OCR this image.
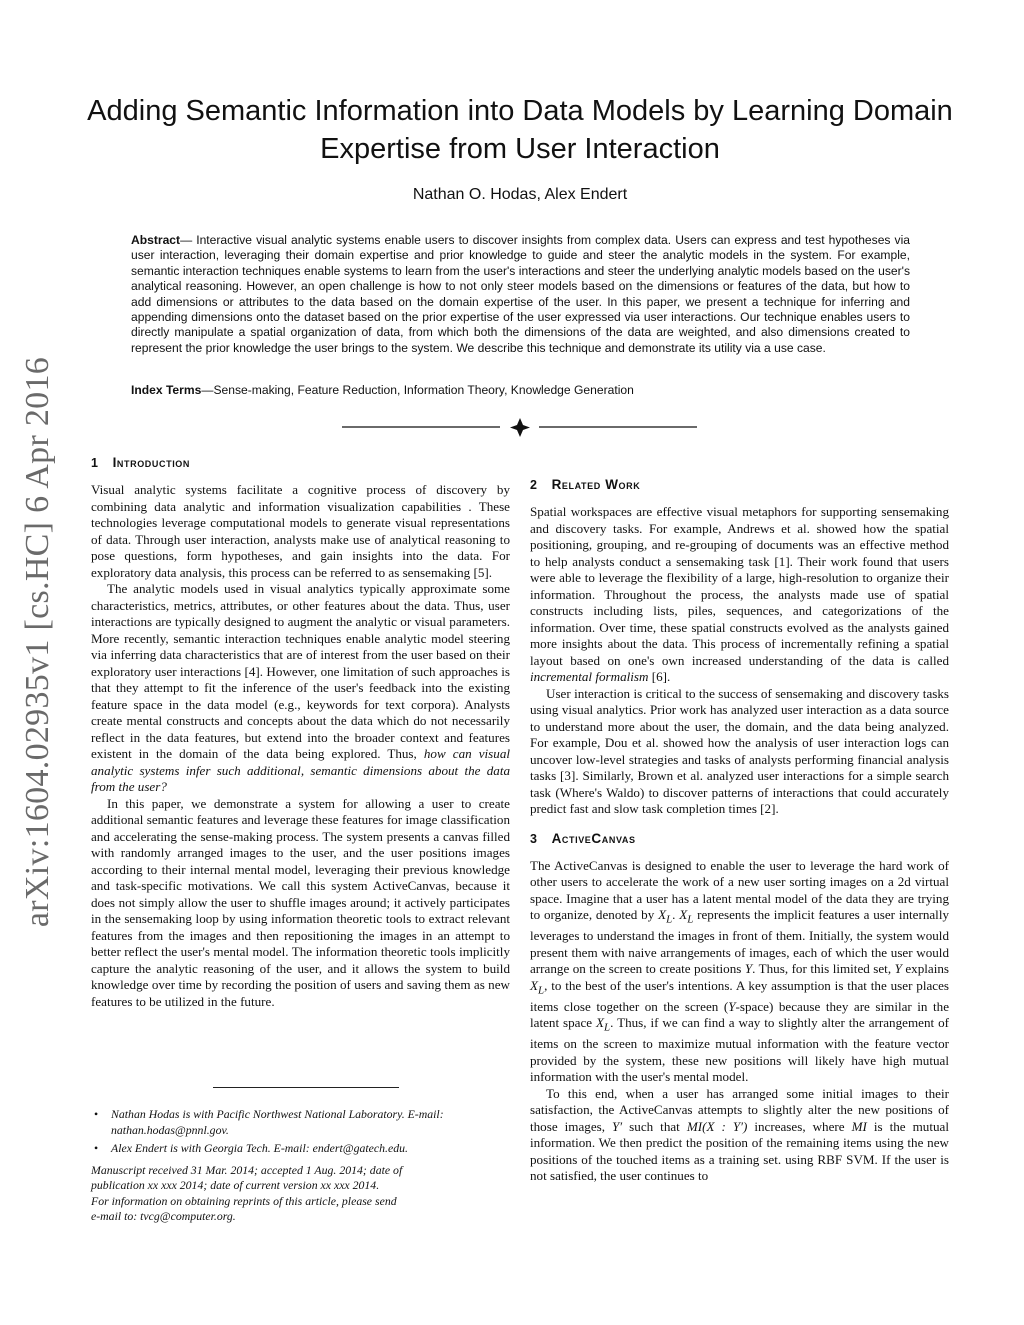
arXiv:1604.02935v1 [cs.HC] 6 Apr 2016
Adding Semantic Information into Data Models by Learning Domain Expertise from User Interaction
Nathan O. Hodas, Alex Endert

Abstract— Interactive visual analytic systems enable users to discover insights from complex data. Users can express and test hypotheses via user interaction, leveraging their domain expertise and prior knowledge to guide and steer the analytic models in the system. For example, semantic interaction techniques enable systems to learn from the user's interactions and steer the underlying analytic models based on the user's analytical reasoning. However, an open challenge is how to not only steer models based on the dimensions or features of the data, but how to add dimensions or attributes to the data based on the domain expertise of the user. In this paper, we present a technique for inferring and appending dimensions onto the dataset based on the prior expertise of the user expressed via user interactions. Our technique enables users to directly manipulate a spatial organization of data, from which both the dimensions of the data are weighted, and also dimensions created to represent the prior knowledge the user brings to the system. We describe this technique and demonstrate its utility via a use case.

Index Terms—Sense-making, Feature Reduction, Information Theory, Knowledge Generation

1 Introduction

Visual analytic systems facilitate a cognitive process of discovery by combining data analytic and information visualization capabilities . These technologies leverage computational models to generate visual representations of data. Through user interaction, analysts make use of analytical reasoning to pose questions, form hypotheses, and gain insights into the data. For exploratory data analysis, this process can be referred to as sensemaking [5].

The analytic models used in visual analytics typically approximate some characteristics, metrics, attributes, or other features about the data. Thus, user interactions are typically designed to augment the analytic or visual parameters. More recently, semantic interaction techniques enable analytic model steering via inferring data characteristics that are of interest from the user based on their exploratory user interactions [4]. However, one limitation of such approaches is that they attempt to fit the inference of the user's feedback into the existing feature space in the data model (e.g., keywords for text corpora). Analysts create mental constructs and concepts about the data which do not necessarily reflect in the data features, but extend into the broader context and features existent in the domain of the data being explored. Thus, how can visual analytic systems infer such additional, semantic dimensions about the data from the user?

In this paper, we demonstrate a system for allowing a user to create additional semantic features and leverage these features for image classification and accelerating the sense-making process. The system presents a canvas filled with randomly arranged images to the user, and the user positions images according to their internal mental model, leveraging their previous knowledge and task-specific motivations. We call this system ActiveCanvas, because it does not simply allow the user to shuffle images around; it actively participates in the sensemaking loop by using information theoretic tools to extract relevant features from the images and then repositioning the images in an attempt to better reflect the user's mental model. The information theoretic tools implicitly capture the analytic reasoning of the user, and it allows the system to build knowledge over time by recording the position of users and saving them as new features to be utilized in the future.

• Nathan Hodas is with Pacific Northwest National Laboratory. E-mail: nathan.hodas@pnnl.gov.
• Alex Endert is with Georgia Tech. E-mail: endert@gatech.edu.
Manuscript received 31 Mar. 2014; accepted 1 Aug. 2014; date of
publication xx xxx 2014; date of current version xx xxx 2014.
For information on obtaining reprints of this article, please send
e-mail to: tvcg@computer.org.
2 Related Work

Spatial workspaces are effective visual metaphors for supporting sensemaking and discovery tasks. For example, Andrews et al. showed how the spatial positioning, grouping, and re-grouping of documents was an effective method to help analysts conduct a sensemaking task [1]. Their work found that users were able to leverage the flexibility of a large, high-resolution to organize their information. Throughout the process, the analysts made use of spatial constructs including lists, piles, sequences, and categorizations of the information. Over time, these spatial constructs evolved as the analysts gained more insights about the data. This process of incrementally refining a spatial layout based on one's own increased understanding of the data is called incremental formalism [6].

User interaction is critical to the success of sensemaking and discovery tasks using visual analytics. Prior work has analyzed user interaction as a data source to understand more about the user, the domain, and the data being analyzed. For example, Dou et al. showed how the analysis of user interaction logs can uncover low-level strategies and tasks of analysts performing financial analysis tasks [3]. Similarly, Brown et al. analyzed user interactions for a simple search task (Where's Waldo) to discover patterns of interactions that could accurately predict fast and slow task completion times [2].

3 ActiveCanvas

The ActiveCanvas is designed to enable the user to leverage the hard work of other users to accelerate the work of a new user sorting images on a 2d virtual space. Imagine that a user has a latent mental model of the data they are trying to organize, denoted by $X_L$. $X_L$ represents the implicit features a user internally leverages to understand the images in front of them. Initially, the system would present them with naive arrangements of images, each of which the user would arrange on the screen to create positions Y. Thus, for this limited set, Y explains $X_L$, to the best of the user's intentions. A key assumption is that the user places items close together on the screen (Y-space) because they are similar in the latent space $X_L$. Thus, if we can find a way to slightly alter the arrangement of items on the screen to maximize mutual information with the feature vector provided by the system, these new positions will likely have high mutual information with the user's mental model.

To this end, when a user has arranged some initial images to their satisfaction, the ActiveCanvas attempts to slightly alter the new positions of those images, Y′ such that MI(X : Y′) increases, where MI is the mutual information. We then predict the position of the remaining items using the new positions of the touched items as a training set. using RBF SVM. If the user is not satisfied, the user continues to
